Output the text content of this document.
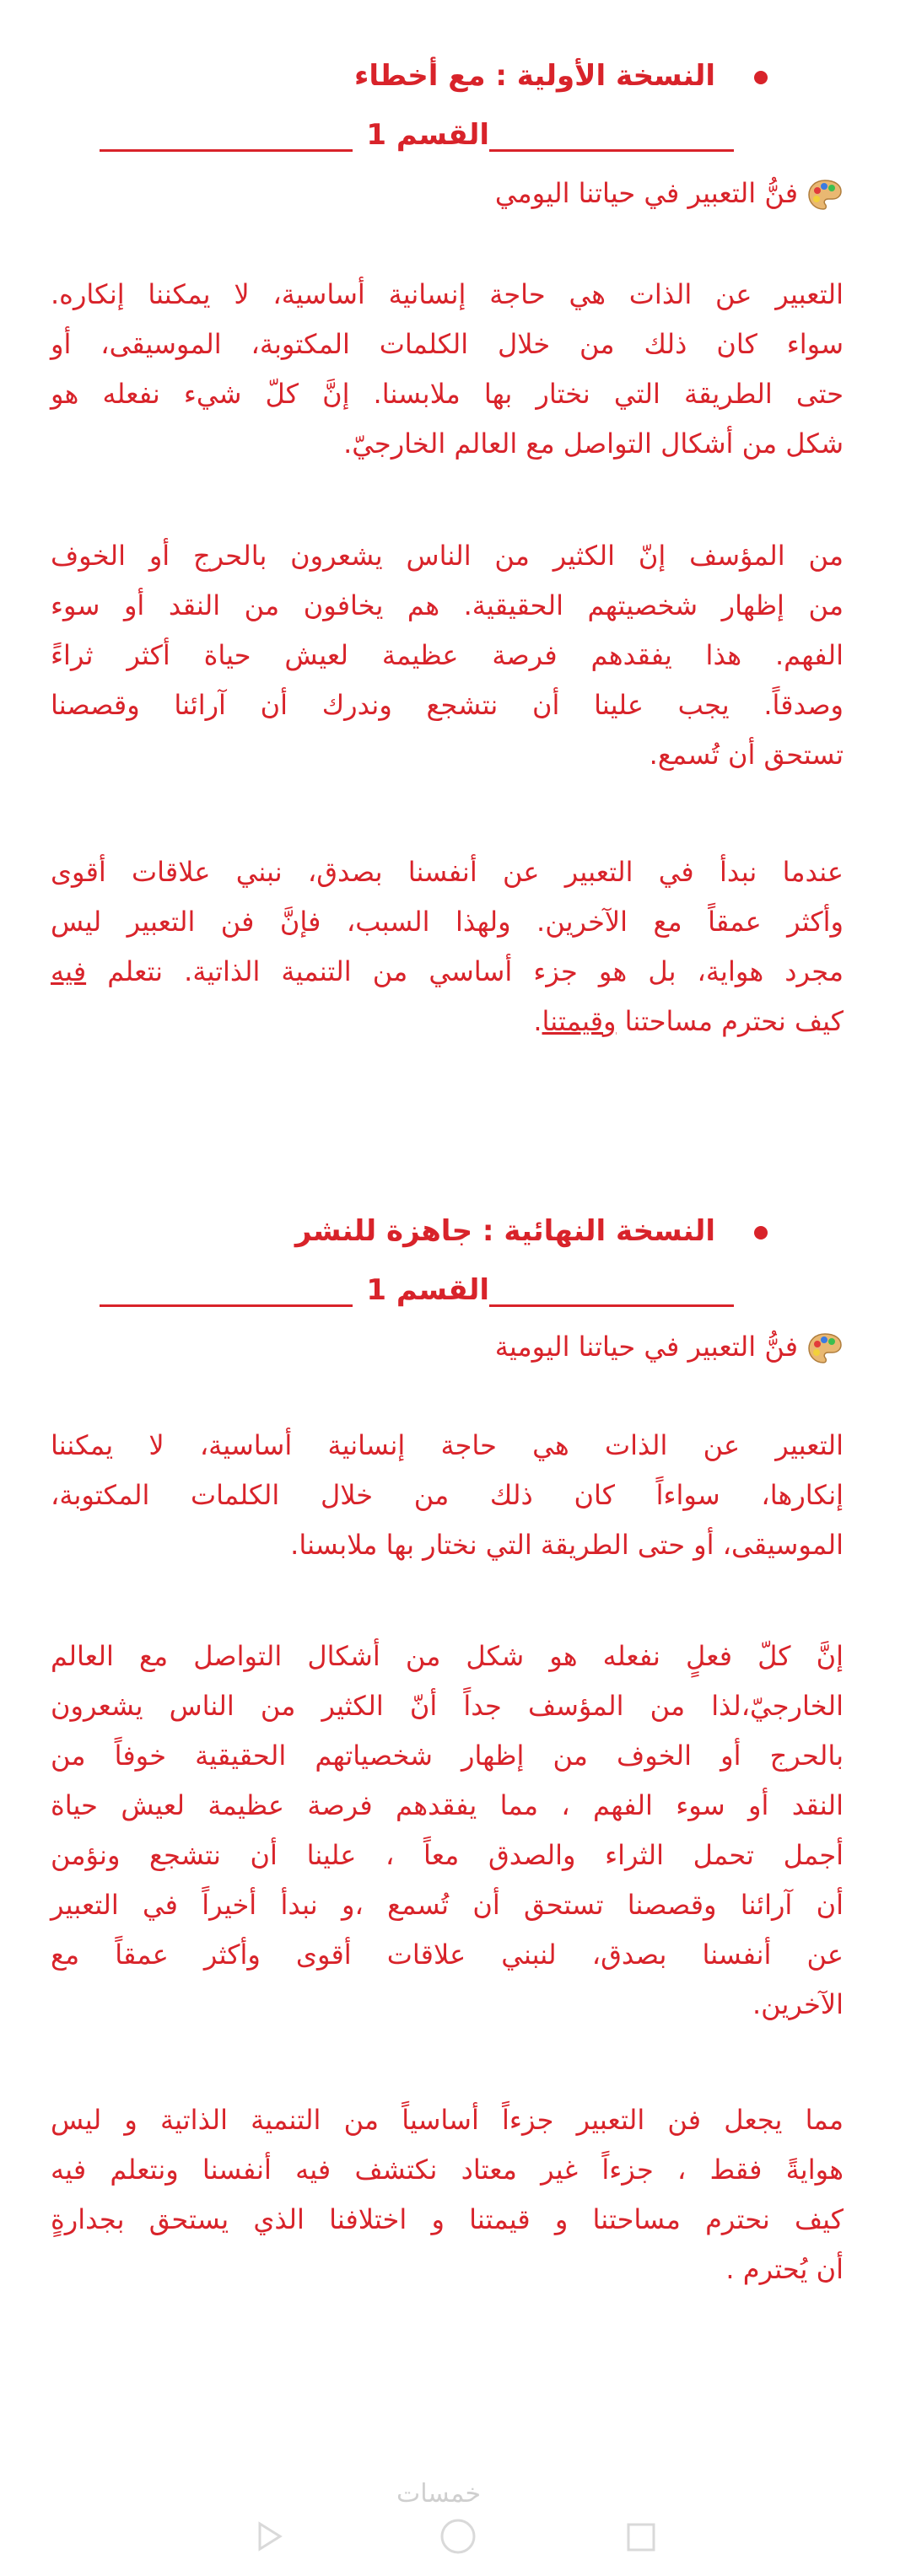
النسخة الأولية : مع أخطاء
القسم 1
فنُّ التعبير في حياتنا اليومي
التعبير عن الذات هي حاجة إنسانية أساسية، لا يمكننا إنكاره.
سواء كان ذلك من خلال الكلمات المكتوبة، الموسيقى، أو
حتى الطريقة التي نختار بها ملابسنا. إنَّ كلّ شيء نفعله هو
شكل من أشكال التواصل مع العالم الخارجيّ.
من المؤسف إنّ الكثير من الناس يشعرون بالحرج أو الخوف
من إظهار شخصيتهم الحقيقية. هم يخافون من النقد أو سوء
الفهم. هذا يفقدهم فرصة عظيمة لعيش حياة أكثر ثراءً
وصدقاً. يجب علينا أن نتشجع وندرك أن آرائنا وقصصنا
تستحق أن تُسمع.
عندما نبدأ في التعبير عن أنفسنا بصدق، نبني علاقات أقوى
وأكثر عمقاً مع الآخرين. ولهذا السبب، فإنَّ فن التعبير ليس
مجرد هواية، بل هو جزء أساسي من التنمية الذاتية. نتعلم فيه
كيف نحترم مساحتنا وقيمتنا.
النسخة النهائية : جاهزة للنشر
القسم 1
فنُّ التعبير في حياتنا اليومية
التعبير عن الذات هي حاجة إنسانية أساسية، لا يمكننا
إنكارها، سواءاً كان ذلك من خلال الكلمات المكتوبة،
الموسيقى، أو حتى الطريقة التي نختار بها ملابسنا.
إنَّ كلّ فعلٍ نفعله هو شكل من أشكال التواصل مع العالم
الخارجيّ،لذا من المؤسف جداً أنّ الكثير من الناس يشعرون
بالحرج أو الخوف من إظهار شخصياتهم الحقيقية خوفاً من
النقد أو سوء الفهم ، مما يفقدهم فرصة عظيمة لعيش حياة
أجمل تحمل الثراء والصدق معاً ، علينا أن نتشجع ونؤمن
أن آرائنا وقصصنا تستحق أن تُسمع ،و نبدأ أخيراً في التعبير
عن أنفسنا بصدق، لنبني علاقات أقوى وأكثر عمقاً مع
الآخرين.
مما يجعل فن التعبير جزءاً أساسياً من التنمية الذاتية و ليس
هوايةً فقط ، جزءاً غير معتاد نكتشف فيه أنفسنا ونتعلم فيه
كيف نحترم مساحتنا و قيمتنا و اختلافنا الذي يستحق بجدارةٍ
أن يُحترم .
خمسات
